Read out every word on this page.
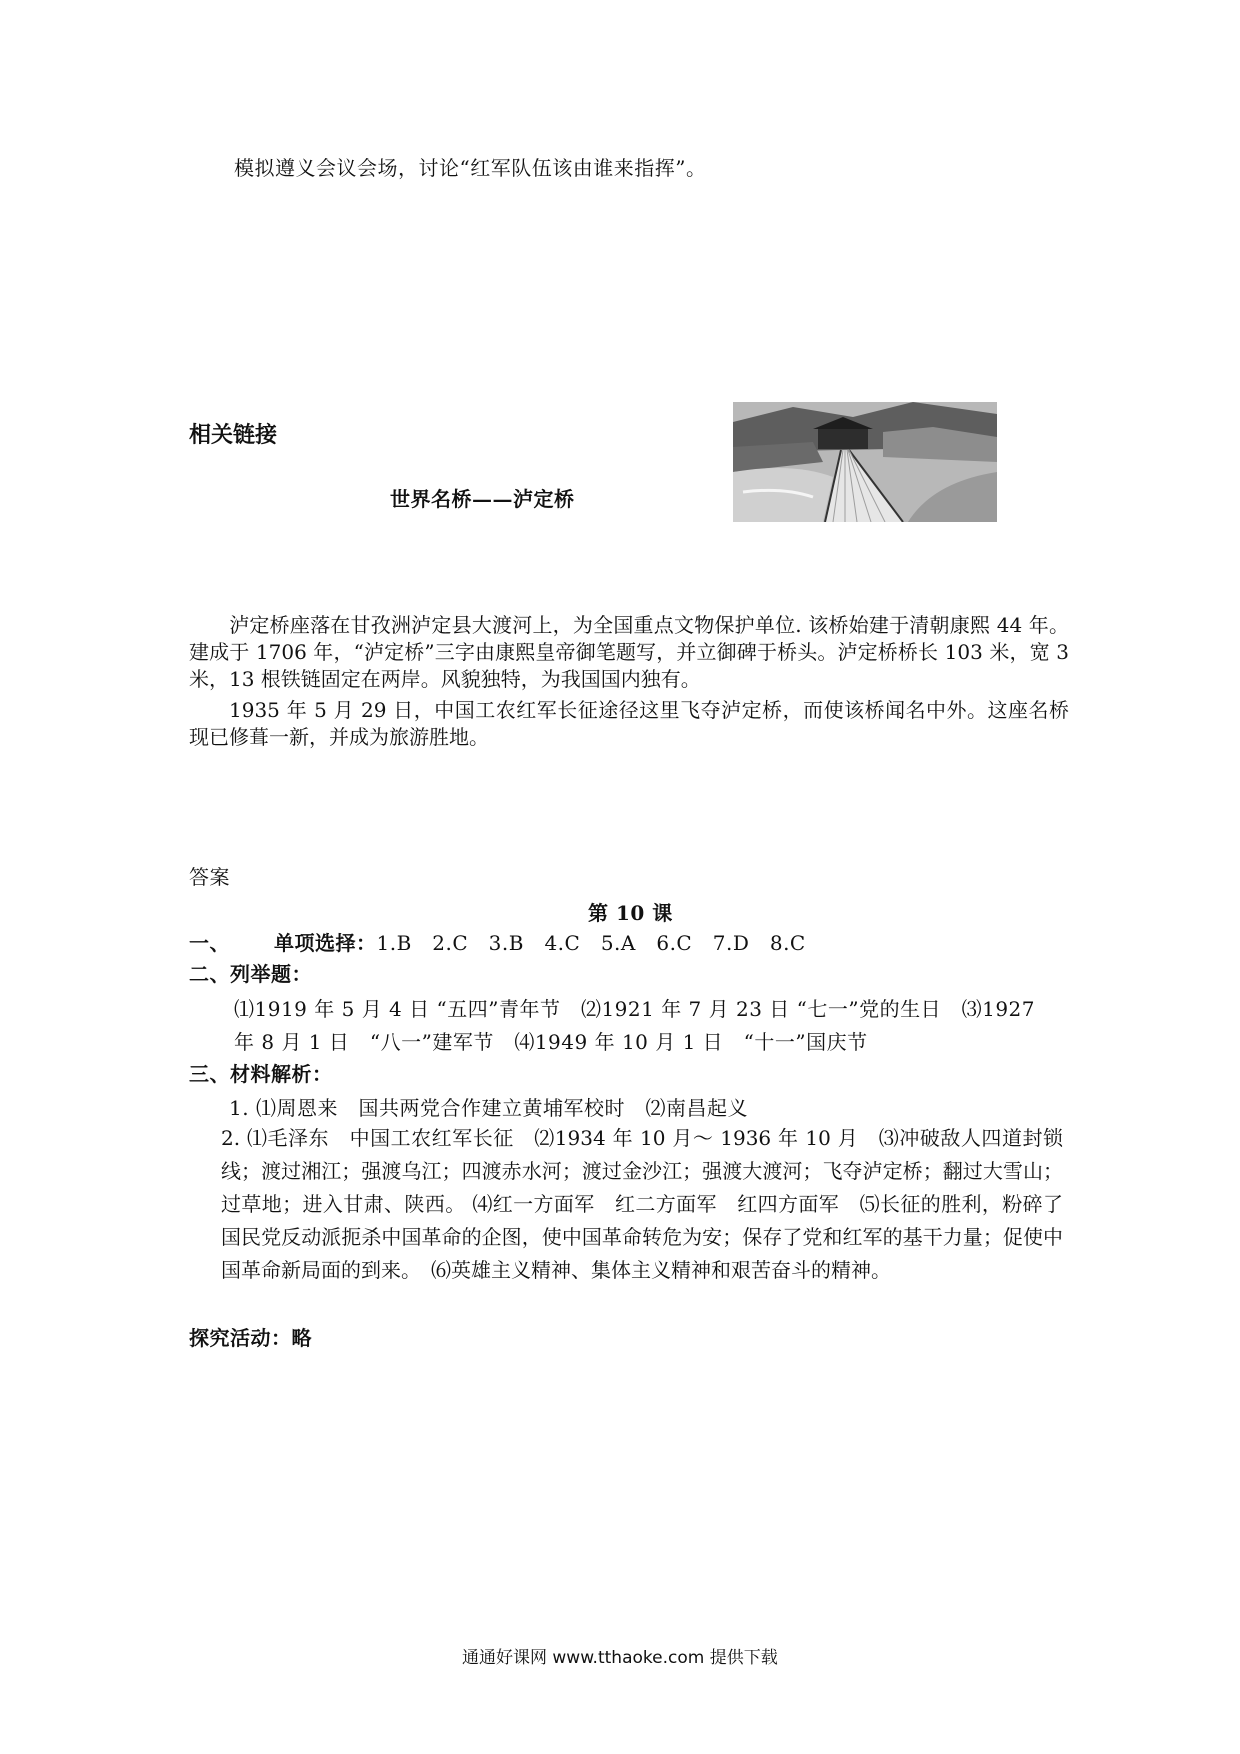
模拟遵义会议会场，讨论“红军队伍该由谁来指挥”。
相关链接
世界名桥——泸定桥
泸定桥座落在甘孜洲泸定县大渡河上，为全国重点文物保护单位. 该桥始建于清朝康熙 44 年。建成于 1706 年，“泸定桥”三字由康熙皇帝御笔题写，并立御碑于桥头。泸定桥桥长 103 米，宽 3 米，13 根铁链固定在两岸。风貌独特，为我国国内独有。
1935 年 5 月 29 日，中国工农红军长征途径这里飞夺泸定桥，而使该桥闻名中外。这座名桥现已修葺一新，并成为旅游胜地。
答案
第 10 课
一、 单项选择：1.B　2.C　3.B　4.C　5.A　6.C　7.D　8.C
二、列举题：
⑴1919 年 5 月 4 日 “五四”青年节　⑵1921 年 7 月 23 日 “七一”党的生日　⑶1927
年 8 月 1 日　“八一”建军节　⑷1949 年 10 月 1 日　“十一”国庆节
三、材料解析：
1. ⑴周恩来　国共两党合作建立黄埔军校时　⑵南昌起义
2. ⑴毛泽东　中国工农红军长征　⑵1934 年 10 月～ 1936 年 10 月　⑶冲破敌人四道封锁线；渡过湘江；强渡乌江；四渡赤水河；渡过金沙江；强渡大渡河；飞夺泸定桥；翻过大雪山；过草地；进入甘肃、陕西。 ⑷红一方面军　红二方面军　红四方面军　⑸长征的胜利，粉碎了国民党反动派扼杀中国革命的企图，使中国革命转危为安；保存了党和红军的基干力量；促使中国革命新局面的到来。　⑹英雄主义精神、集体主义精神和艰苦奋斗的精神。
探究活动：略
通通好课网 www.tthaoke.com 提供下载
